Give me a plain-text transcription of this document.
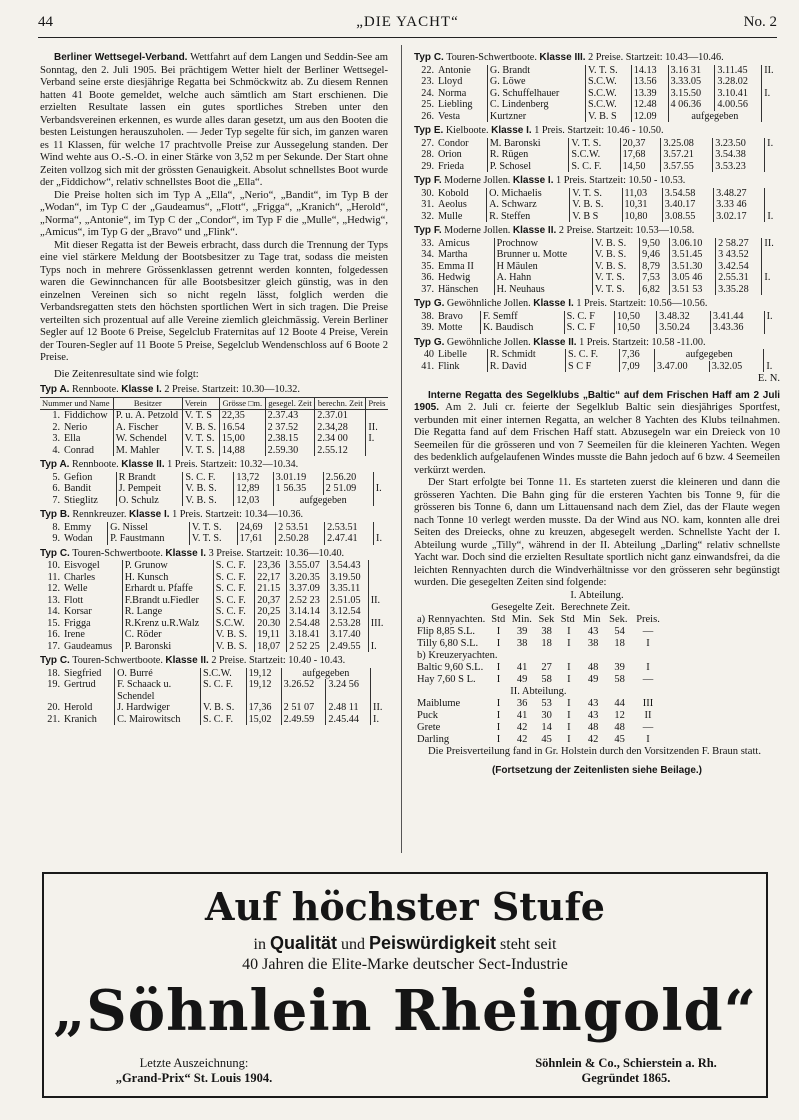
44	„DIE YACHT“	No. 2

Berliner Wettsegel-Verband. Wettfahrt auf dem Langen und Seddin-See am Sonntag, den 2. Juli 1905. Bei prächtigem Wetter hielt der Berliner Wettsegel-Verband seine erste diesjährige Regatta bei Schmöckwitz ab. Zu diesem Rennen hatten 41 Boote gemeldet, welche auch sämtlich am Start erschienen. Die erzielten Resultate lassen ein gutes sportliches Streben unter den Verbandsvereinen erkennen, es wurde alles daran gesetzt, um aus den Booten die besten Leistungen herauszuholen. — Jeder Typ segelte für sich, im ganzen waren es 11 Klassen, für welche 17 prachtvolle Preise zur Aussegelung standen. Der Wind wehte aus O.-S.-O. in einer Stärke von 3,52 m per Sekunde. Der Start ohne Zeiten vollzog sich mit der grössten Genauigkeit. Absolut schnellstes Boot wurde der „Fiddichow“, relativ schnellstes Boot die „Ella“.

Die Preise holten sich im Typ A „Ella“, „Nerio“, „Bandit“, im Typ B der „Wodan“, im Typ C der „Gaudeamus“, „Flott“, „Frigga“, „Kranich“, „Herold“, „Norma“, „Antonie“, im Typ C der „Condor“, im Typ F die „Mulle“, „Hedwig“, „Amicus“, im Typ G der „Bravo“ und „Flink“.

Mit dieser Regatta ist der Beweis erbracht, dass durch die Trennung der Typs eine viel stärkere Meldung der Bootsbesitzer zu Tage trat, sodass die meisten Typs noch in mehrere Grössenklassen getrennt werden konnten, folgedessen waren die Gewinnchancen für alle Bootsbesitzer gleich günstig, was in den einzelnen Vereinen sich so nicht regeln lässt, folglich werden die Verbandsregatten stets den höchsten sportlichen Wert in sich tragen. Die Preise verteilten sich prozentual auf alle Vereine ziemlich gleichmässig. Verein Berliner Segler auf 12 Boote 6 Preise, Segelclub Fraternitas auf 12 Boote 4 Preise, Verein der Touren-Segler auf 11 Boote 5 Preise, Segelclub Wendenschloss auf 6 Boote 2 Preise.

Die Zeitenresultate sind wie folgt:

Typ A. Rennboote. Klasse I. 2 Preise. Startzeit: 10.30—10.32.
Nummer und Name		Besitzer	Verein	Grösse □m.	gesegel. Zeit	berechn. Zeit	Preis
1.	Fiddichow	P. u. A. Petzold	V. T. S	22,35	2.37.43	2.37.01	
2.	Nerio	A. Fischer	V. B. S.	16.54	2 37.52	2.34,28	II.
3.	Ella	W. Schendel	V. T. S.	15,00	2.38.15	2.34 00	I.
4.	Conrad	M. Mahler	V. T. S.	14,88	2.59.30	2.55.12	
Typ A. Rennboote. Klasse II. 1 Preis. Startzeit: 10.32—10.34.
5.	Gefion	R Brandt	S. C. F.	13,72	3.01.19	2.56.20	
6.	Bandit	J. Pempeit	V. B. S.	12,89	1 56.35	2 51.09	I.
7.	Stieglitz	O. Schulz	V. B. S.	12,03	aufgegeben		
Typ B. Rennkreuzer. Klasse I. 1 Preis. Startzeit: 10.34—10.36.
8.	Emmy	G. Nissel	V. T. S.	24,69	2 53.51	2.53.51	
9.	Wodan	P. Faustmann	V. T. S.	17,61	2.50.28	2.47.41	I.
Typ C. Touren-Schwertboote. Klasse I. 3 Preise. Startzeit: 10.36—10.40.
10.	Eisvogel	P. Grunow	S. C. F.	23,36	3.55.07	3.54.43	
11.	Charles	H. Kunsch	S. C. F.	22,17	3.20.35	3.19.50	
12.	Welle	Erhardt u. Pfaffe	S. C. F.	21.15	3.37.09	3.35.11	
13.	Flott	F.Brandt u.Fiedler	S. C. F.	20,37	2.52 23	2.51.05	II.
14.	Korsar	R. Lange	S. C. F.	20,25	3.14.14	3.12.54	
15.	Frigga	R.Krenz u.R.Walz	S.C.W.	20.30	2.54.48	2.53.28	III.
16.	Irene	C. Röder	V. B. S.	19,11	3.18.41	3.17.40	
17.	Gaudeamus	P. Baronski	V. B. S.	18,07	2 52 25	2.49.55	I.
Typ C. Touren-Schwertboote. Klasse II. 2 Preise. Startzeit: 10.40 - 10.43.
18.	Siegfried	O. Burré	S.C.W.	19,12	aufgegeben		
19.	Gertrud	F. Schaack u.	S. C. F.	19,12	3.26.52	3.24 56	
		Schendel					
20.	Herold	J. Hardwiger	V. B. S.	17,36	2 51 07	2.48 11	II.
21.	Kranich	C. Mairowitsch	S. C. F.	15,02	2.49.59	2.45.44	I.
Typ C. Touren-Schwertboote. Klasse III. 2 Preise. Startzeit: 10.43—10.46.
22.	Antonie	G. Brandt	V. T. S.	14.13	3.16 31	3.11.45	II.
23.	Lloyd	G. Löwe	S.C.W.	13.56	3.33.05	3.28.02	
24.	Norma	G. Schuffelhauer	S.C.W.	13.39	3.15.50	3.10.41	I.
25.	Liebling	C. Lindenberg	S.C.W.	12.48	4 06.36	4.00.56	
26.	Vesta	Kurtzner	V. B. S	12.09	aufgegeben		
Typ E. Kielboote. Klasse I. 1 Preis. Startzeit: 10.46 - 10.50.
27.	Condor	M. Baronski	V. T. S.	20,37	3.25.08	3.23.50	I.
28.	Orion	R. Rügen	S.C.W.	17,68	3.57.21	3.54.38	
29.	Frieda	P. Schosel	S. C. F.	14,50	3.57.55	3.53.23	
Typ F. Moderne Jollen. Klasse I. 1 Preis. Startzeit: 10.50 - 10.53.
30.	Kobold	O. Michaelis	V. T. S.	11,03	3.54.58	3.48.27	
31.	Aeolus	A. Schwarz	V. B. S.	10,31	3.40.17	3.33 46	
32.	Mulle	R. Steffen	V. B S	10,80	3.08.55	3.02.17	I.
Typ F. Moderne Jollen. Klasse II. 2 Preise. Startzeit: 10.53—10.58.
33.	Amicus	Prochnow	V. B. S.	9,50	3.06.10	2 58.27	II.
34.	Martha	Brunner u. Motte	V. B. S.	9,46	3.51.45	3 43.52	
35.	Emma II	H Mäulen	V. B. S.	8,79	3.51.30	3.42.54	
36.	Hedwig	A. Hahn	V. T. S.	7,53	3.05 46	2.55.31	I.
37.	Hänschen	H. Neuhaus	V. T. S.	6,82	3.51 53	3.35.28	
Typ G. Gewöhnliche Jollen. Klasse I. 1 Preis. Startzeit: 10.56—10.56.
38.	Bravo	F. Semff	S. C. F	10,50	3.48.32	3.41.44	I.
39.	Motte	K. Baudisch	S. C. F	10,50	3.50.24	3.43.36	
Typ G. Gewöhnliche Jollen. Klasse II. 1 Preis. Startzeit: 10.58 -11.00.
40	Libelle	R. Schmidt	S. C. F.	7,36	aufgegeben		
41.	Flink	R. David	S C F	7,09	3.47.00	3.32.05	I.
E. N.

Interne Regatta des Segelklubs „Baltic“ auf dem Frischen Haff am 2 Juli 1905. Am 2. Juli cr. feierte der Segelklub Baltic sein diesjähriges Sportfest, verbunden mit einer internen Regatta, an welcher 8 Yachten des Klubs teilnahmen. Die Regatta fand auf dem Frischen Haff statt. Abzusegeln war ein Dreieck von 10 Seemeilen für die grösseren und von 7 Seemeilen für die kleineren Yachten. Wegen des bedenklich aufgelaufenen Windes musste die Bahn jedoch auf 6 bzw. 4 Seemeilen verkürzt werden.

Der Start erfolgte bei Tonne 11. Es starteten zuerst die kleineren und dann die grösseren Yachten. Die Bahn ging für die ersteren Yachten bis Tonne 9, für die grösseren bis Tonne 6, dann um Littauensand nach dem Ziel, das der Flaute wegen nach Tonne 10 verlegt werden musste. Da der Wind aus NO. kam, konnten alle drei Seiten des Dreiecks, ohne zu kreuzen, abgesegelt werden. Schnellste Yacht der I. Abteilung wurde „Tilly“, während in der II. Abteilung „Darling“ relativ schnellste Yacht war. Doch sind die erzielten Resultate sportlich nicht ganz einwandsfrei, da die leichten Rennyachten durch die Windverhältnisse vor den grösseren sehr begünstigt wurden. Die gesegelten Zeiten sind folgende:

I. Abteilung.
	Gesegelte Zeit.			Berechnete Zeit.			
a) Rennyachten.	Std	Min.	Sek	Std	Min	Sek.	Preis.
Flip 8,85 S.L.	I	39	38	I	43	54	—
Tilly 6,80 S.L.	I	38	18	I	38	18	I
b) Kreuzeryachten.							
Baltic 9,60 S.L.	I	41	27	I	48	39	I
Hay 7,60 S L.	I	49	58	I	49	58	—
II. Abteilung.							
Maiblume	I	36	53	I	43	44	III
Puck	I	41	30	I	43	12	II
Grete	I	42	14	I	48	48	—
Darling	I	42	45	I	42	45	I

Die Preisverteilung fand in Gr. Holstein durch den Vorsitzenden F. Braun statt.

(Fortsetzung der Zeitenlisten siehe Beilage.)
Auf höchster Stufe
in Qualität und Peiswürdigkeit steht seit
40 Jahren die Elite-Marke deutscher Sect-Industrie
„Söhnlein Rheingold“
Letzte Auszeichnung:
„Grand-Prix“ St. Louis 1904.
Söhnlein & Co., Schierstein a. Rh.
Gegründet 1865.
